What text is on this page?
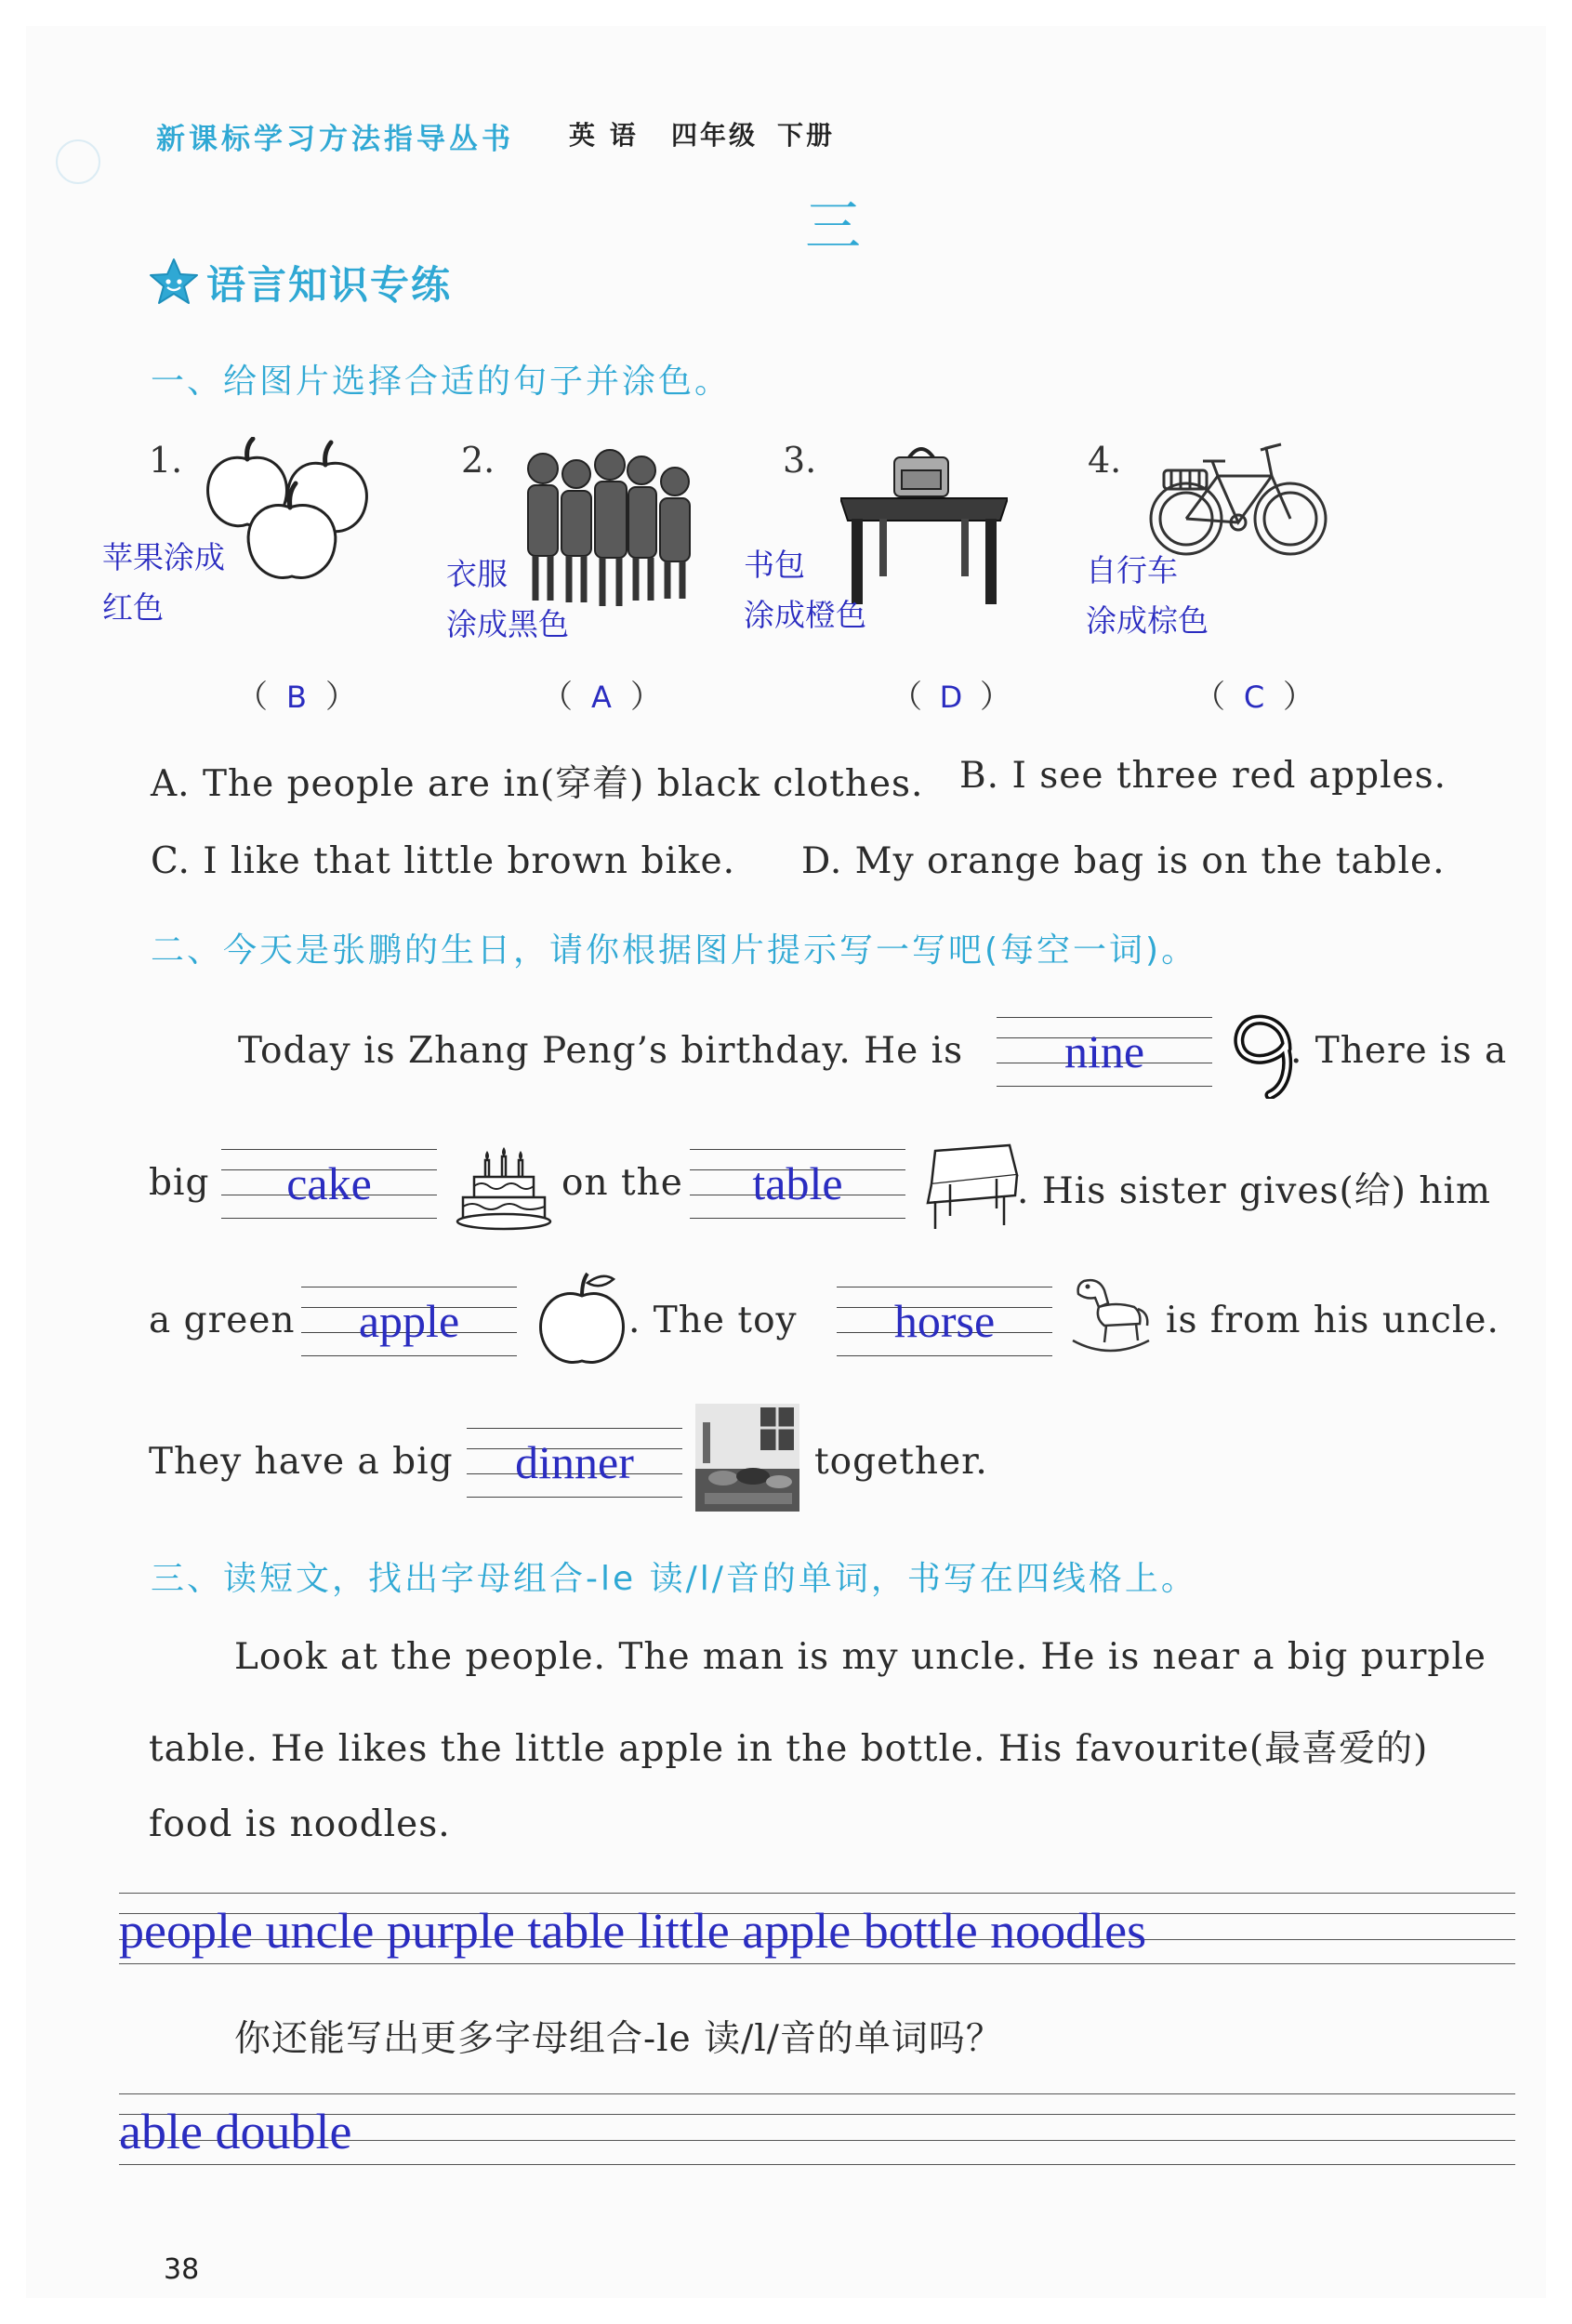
新课标学习方法指导丛书 英 语 四年级 下册
三
语言知识专练
一、给图片选择合适的句子并涂色。
1.	2.	3.	4.
苹果涂成
红色
衣服
涂成黑色
书包
涂成橙色
自行车
涂成棕色
（ B ）	（ A ）	（ D ）	（ C ）
A. The people are in(穿着) black clothes. B. I see three red apples.
C. I like that little brown bike. D. My orange bag is on the table.
二、今天是张鹏的生日，请你根据图片提示写一写吧(每空一词)。
Today is Zhang Peng’s birthday. He is	nine	. There is a
big	cake	on the	table	. His sister gives(给) him
a green	apple	. The toy	horse	is from his uncle.
They have a big	dinner	together.
三、读短文，找出字母组合-le 读/l/音的单词，书写在四线格上。
Look at the people. The man is my uncle. He is near a big purple
table. He likes the little apple in the bottle. His favourite(最喜爱的)
food is noodles.
people uncle purple table little apple bottle noodles
你还能写出更多字母组合-le 读/l/音的单词吗？
able double
38
